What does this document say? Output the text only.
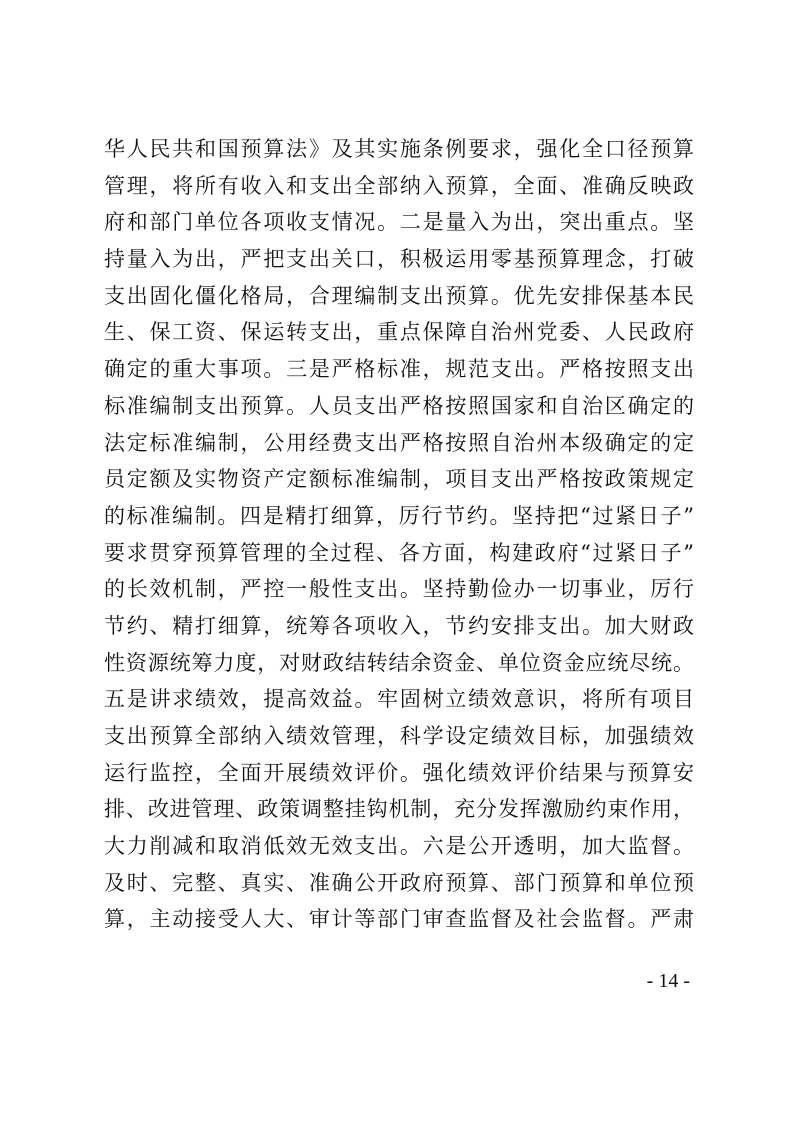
华人民共和国预算法》及其实施条例要求，强化全口径预算
管理，将所有收入和支出全部纳入预算，全面、准确反映政
府和部门单位各项收支情况。二是量入为出，突出重点。坚
持量入为出，严把支出关口，积极运用零基预算理念，打破
支出固化僵化格局，合理编制支出预算。优先安排保基本民
生、保工资、保运转支出，重点保障自治州党委、人民政府
确定的重大事项。三是严格标准，规范支出。严格按照支出
标准编制支出预算。人员支出严格按照国家和自治区确定的
法定标准编制，公用经费支出严格按照自治州本级确定的定
员定额及实物资产定额标准编制，项目支出严格按政策规定
的标准编制。四是精打细算，厉行节约。坚持把“过紧日子”
要求贯穿预算管理的全过程、各方面，构建政府“过紧日子”
的长效机制，严控一般性支出。坚持勤俭办一切事业，厉行
节约、精打细算，统筹各项收入，节约安排支出。加大财政
性资源统筹力度，对财政结转结余资金、单位资金应统尽统。
五是讲求绩效，提高效益。牢固树立绩效意识，将所有项目
支出预算全部纳入绩效管理，科学设定绩效目标，加强绩效
运行监控，全面开展绩效评价。强化绩效评价结果与预算安
排、改进管理、政策调整挂钩机制，充分发挥激励约束作用，
大力削减和取消低效无效支出。六是公开透明，加大监督。
及时、完整、真实、准确公开政府预算、部门预算和单位预
算，主动接受人大、审计等部门审查监督及社会监督。严肃
- 14 -
